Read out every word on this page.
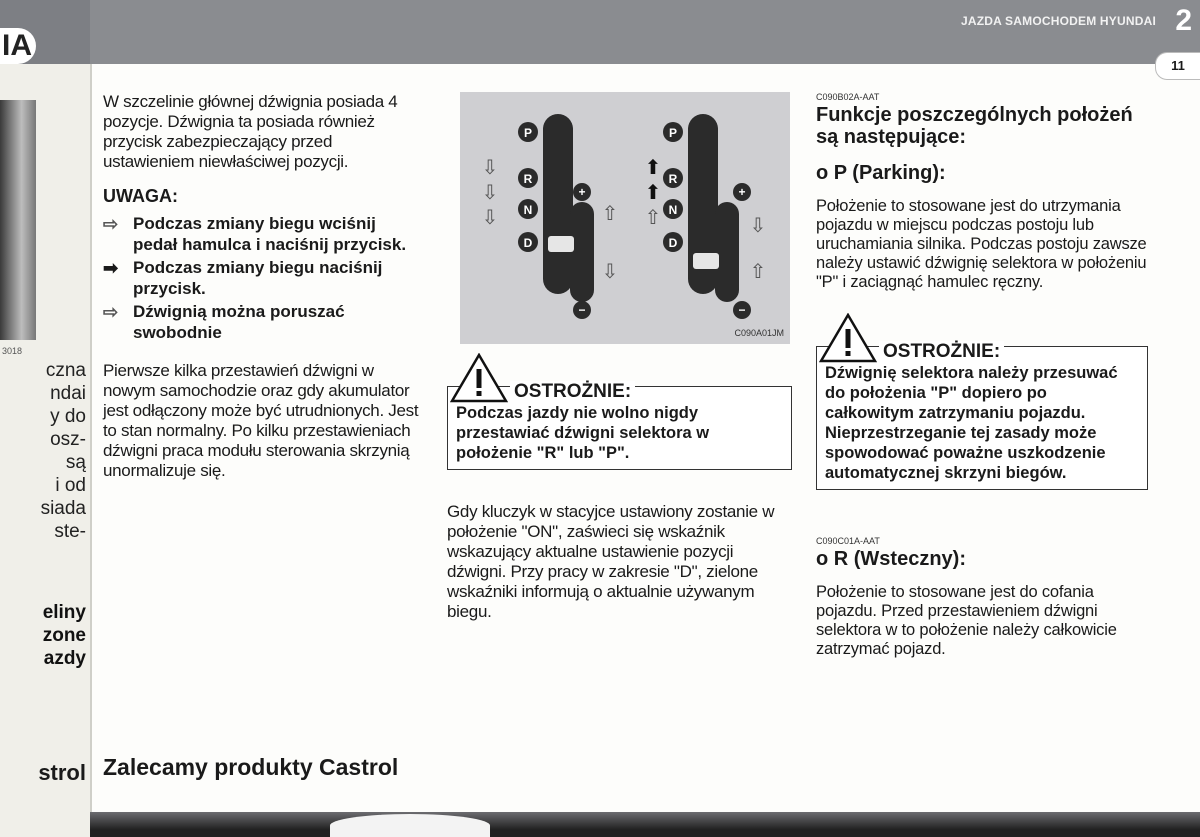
IA
3018
czna
ndai
y do
osz-
są
i od
siada
ste-
eliny
zone
azdy
strol
JAZDA SAMOCHODEM HYUNDAI 2
11

W szczelinie głównej dźwignia posiada 4 pozycje. Dźwignia ta posiada również przycisk zabezpieczający przed ustawieniem niewłaściwej pozycji.

UWAGA:
⇨ Podczas zmiany biegu wciśnij pedał hamulca i naciśnij przycisk.
➡ Podczas zmiany biegu naciśnij przycisk.
⇨ Dźwignią można poruszać swobodnie

Pierwsze kilka przestawień dźwigni w nowym samochodzie oraz gdy akumulator jest odłączony może być utrudnionych. Jest to stan normalny. Po kilku przestawieniach dźwigni praca modułu sterowania skrzynią unormalizuje się.

Zalecamy produkty Castrol
P
R
N
D
+
−
⇩
⇩
⇩	⇧
⇩
P
R
N
D
+
−
⬆
⬆
⇧	⇩
⇧
C090A01JM
OSTROŻNIE:
Podczas jazdy nie wolno nigdy przestawiać dźwigni selektora w położenie "R" lub "P".

Gdy kluczyk w stacyjce ustawiony zostanie w położenie "ON", zaświeci się wskaźnik wskazujący aktualne ustawienie pozycji dźwigni. Przy pracy w zakresie "D", zielone wskaźniki informują o aktualnie używanym biegu.

C090B02A-AAT
Funkcje poszczególnych położeń są następujące:
o P (Parking):

Położenie to stosowane jest do utrzymania pojazdu w miejscu podczas postoju lub uruchamiania silnika. Podczas postoju zawsze należy ustawić dźwignię selektora w położeniu "P" i zaciągnąć hamulec ręczny.

OSTROŻNIE:
Dźwignię selektora należy przesuwać do położenia "P" dopiero po całkowitym zatrzymaniu pojazdu. Nieprzestrzeganie tej zasady może spowodować poważne uszkodzenie automatycznej skrzyni biegów.
C090C01A-AAT
o R (Wsteczny):

Położenie to stosowane jest do cofania pojazdu. Przed przestawieniem dźwigni selektora w to położenie należy całkowicie zatrzymać pojazd.
